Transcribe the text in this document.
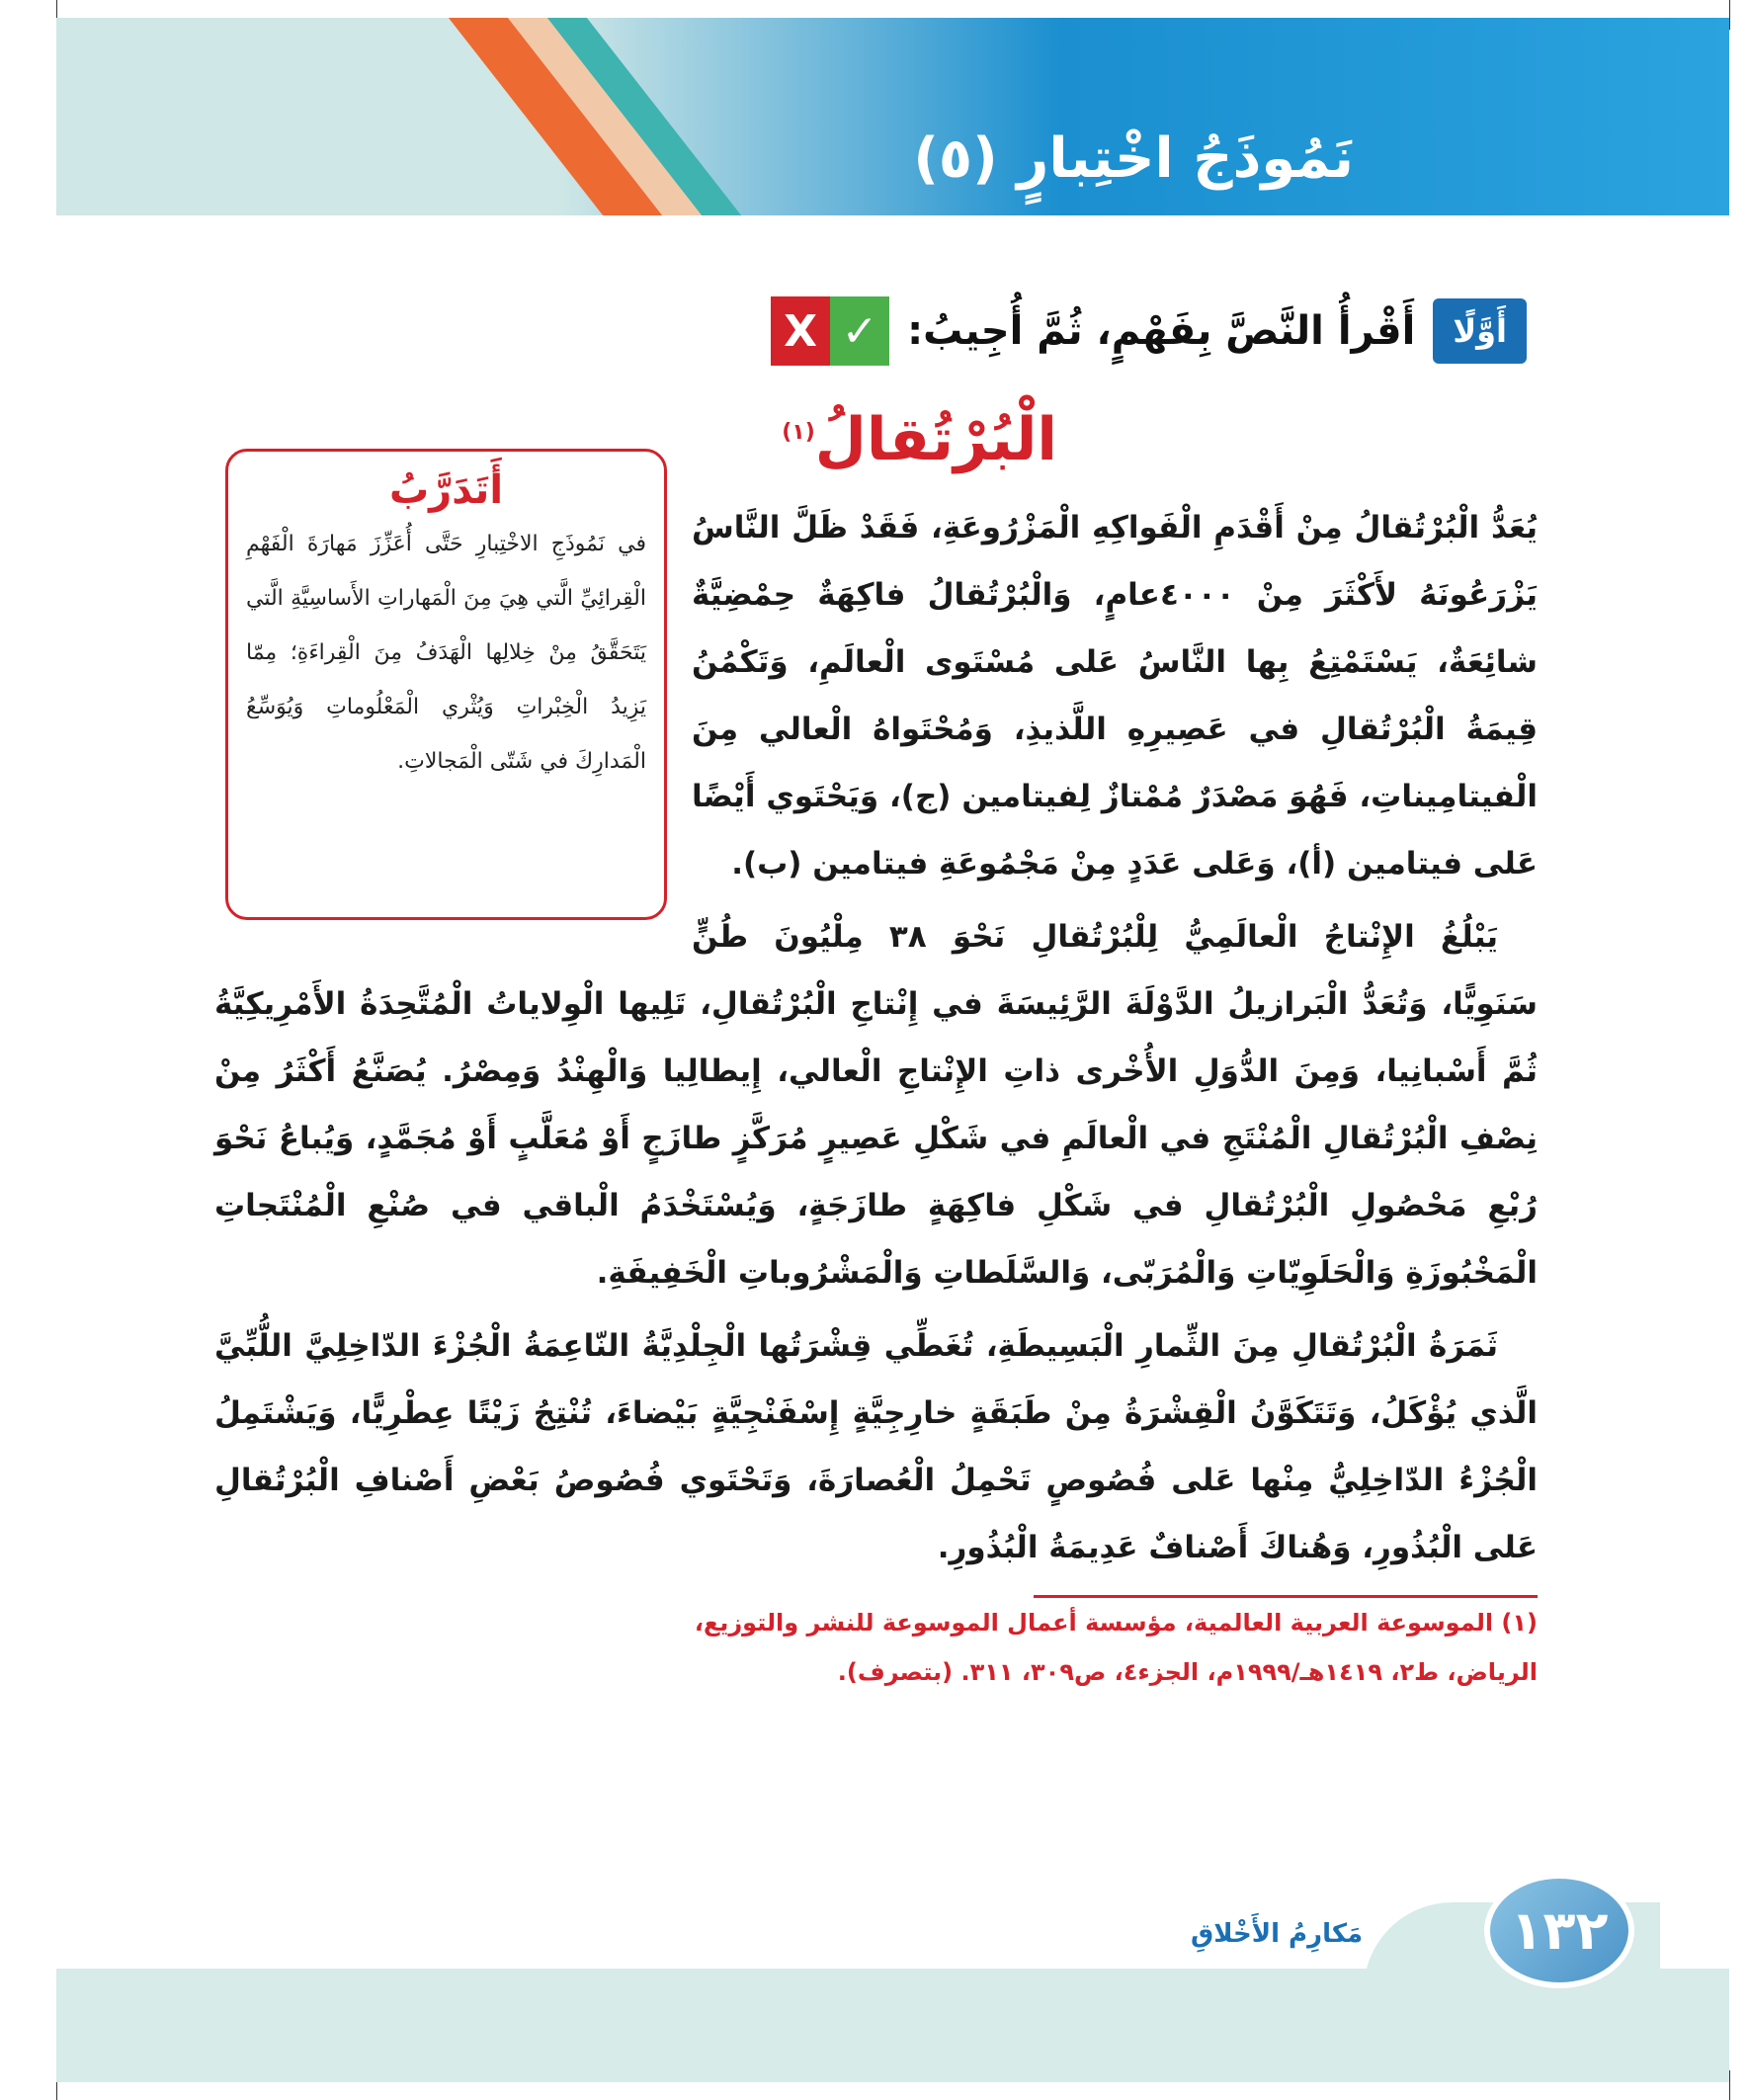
نَمُوذَجُ اخْتِبارٍ (٥)
أَوَّلًا
أَقْرأُ النَّصَّ بِفَهْمٍ، ثُمَّ أُجِيبُ:
X ✓
الْبُرْتُقالُ$^{(١)}$
أَتَدَرَّبُ
في نَمُوذَجِ الاخْتِبارِ حَتَّى أُعَزِّزَ مَهارَةَ الْفَهْمِ الْقِرائِيِّ الَّتي هِيَ مِنَ الْمَهاراتِ الأَساسِيَّةِ الَّتي يَتَحَقَّقُ مِنْ خِلالِها الْهَدَفُ مِنَ الْقِراءَةِ؛ مِمّا يَزِيدُ الْخِبْراتِ وَيُثْري الْمَعْلُوماتِ وَيُوَسِّعُ الْمَدارِكَ في شَتّى الْمَجالاتِ.

يُعَدُّ الْبُرْتُقالُ مِنْ أَقْدَمِ الْفَواكِهِ الْمَزْرُوعَةِ، فَقَدْ ظَلَّ النَّاسُ يَزْرَعُونَهُ لأَكْثَرَ مِنْ ٤٠٠٠عامٍ، وَالْبُرْتُقالُ فاكِهَةٌ حِمْضِيَّةٌ شائِعَةٌ، يَسْتَمْتِعُ بِها النَّاسُ عَلى مُسْتَوى الْعالَمِ، وَتَكْمُنُ قِيمَةُ الْبُرْتُقالِ في عَصِيرِهِ اللَّذيذِ، وَمُحْتَواهُ الْعالي مِنَ الْفيتامِيناتِ، فَهُوَ مَصْدَرٌ مُمْتازٌ لِفيتامين (ج)، وَيَحْتَوي أَيْضًا عَلى فيتامين (أ)، وَعَلى عَدَدٍ مِنْ مَجْمُوعَةِ فيتامين (ب).

يَبْلُغُ الإِنْتاجُ الْعالَمِيُّ لِلْبُرْتُقالِ نَحْوَ ٣٨ مِلْيُونَ طُنٍّ سَنَوِيًّا، وَتُعَدُّ الْبَرازيلُ الدَّوْلَةَ الرَّئِيسَةَ في إِنْتاجِ الْبُرْتُقالِ، تَلِيها الْوِلاياتُ الْمُتَّحِدَةُ الأَمْرِيكِيَّةُ ثُمَّ أَسْبانِيا، وَمِنَ الدُّوَلِ الأُخْرى ذاتِ الإِنْتاجِ الْعالي، إِيطالِيا وَالْهِنْدُ وَمِصْرُ. يُصَنَّعُ أَكْثَرُ مِنْ نِصْفِ الْبُرْتُقالِ الْمُنْتَجِ في الْعالَمِ في شَكْلِ عَصِيرٍ مُرَكَّزٍ طازَجٍ أَوْ مُعَلَّبٍ أَوْ مُجَمَّدٍ، وَيُباعُ نَحْوَ رُبْعِ مَحْصُولِ الْبُرْتُقالِ في شَكْلِ فاكِهَةٍ طازَجَةٍ، وَيُسْتَخْدَمُ الْباقي في صُنْعِ الْمُنْتَجاتِ الْمَخْبُوزَةِ وَالْحَلَوِيّاتِ وَالْمُرَبّى، وَالسَّلَطاتِ وَالْمَشْرُوباتِ الْخَفِيفَةِ.

ثَمَرَةُ الْبُرْتُقالِ مِنَ الثِّمارِ الْبَسِيطَةِ، تُغَطِّي قِشْرَتُها الْجِلْدِيَّةُ النّاعِمَةُ الْجُزْءَ الدّاخِلِيَّ اللُّبِّيَّ الَّذي يُؤْكَلُ، وَتَتَكَوَّنُ الْقِشْرَةُ مِنْ طَبَقَةٍ خارِجِيَّةٍ إِسْفَنْجِيَّةٍ بَيْضاءَ، تُنْتِجُ زَيْتًا عِطْرِيًّا، وَيَشْتَمِلُ الْجُزْءُ الدّاخِلِيُّ مِنْها عَلى فُصُوصٍ تَحْمِلُ الْعُصارَةَ، وَتَحْتَوي فُصُوصُ بَعْضِ أَصْنافِ الْبُرْتُقالِ عَلى الْبُذُورِ، وَهُناكَ أَصْنافٌ عَدِيمَةُ الْبُذُورِ.

(١) الموسوعة العربية العالمية، مؤسسة أعمال الموسوعة للنشر والتوزيع، الرياض، ط٢، ١٤١٩هـ/١٩٩٩م، الجزء٤، ص٣٠٩، ٣١١. (بتصرف).
١٣٢
مَكارِمُ الأَخْلاقِ
